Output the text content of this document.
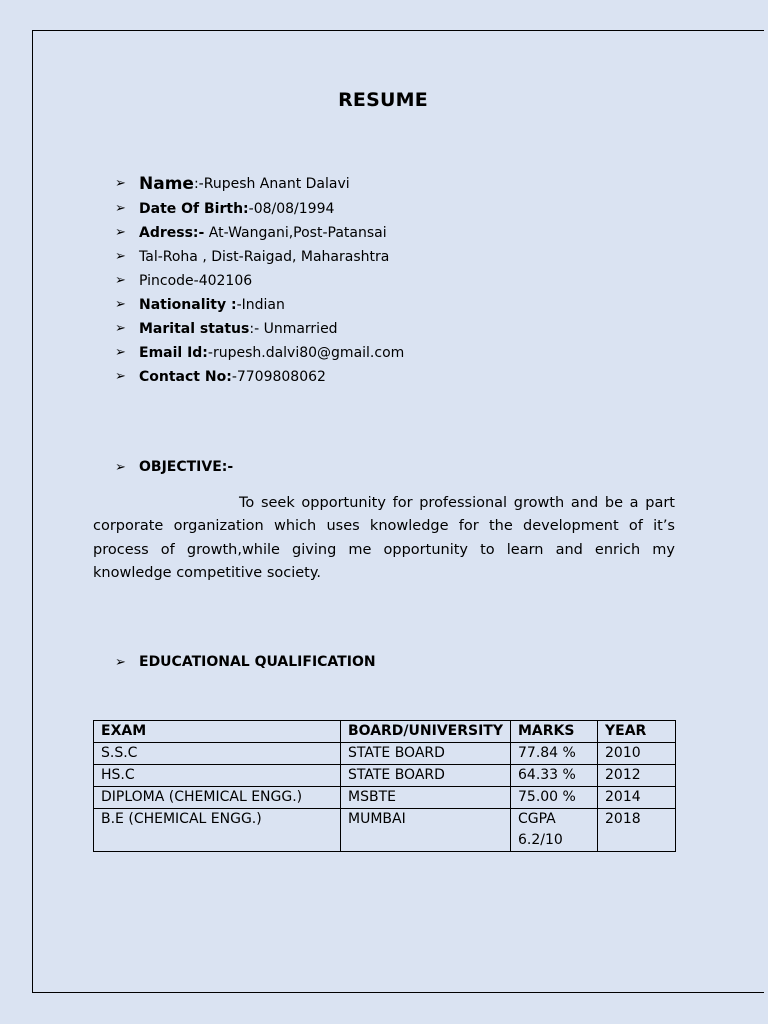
RESUME
➢ Name :-Rupesh Anant Dalavi
➢ Date Of Birth: -08/08/1994
➢ Adress:- At-Wangani,Post-Patansai
➢ Tal-Roha , Dist-Raigad, Maharashtra
➢ Pincode-402106
➢ Nationality : -Indian
➢ Marital status :- Unmarried
➢ Email Id: -rupesh.dalvi80@gmail.com
➢ Contact No: -7709808062
➢ OBJECTIVE:-

To seek opportunity for professional growth and be a part corporate organization which uses knowledge for the development of it’s process of growth,while giving me opportunity to learn and enrich my knowledge competitive society.

➢ EDUCATIONAL QUALIFICATION
EXAM	BOARD/UNIVERSITY	MARKS	YEAR
S.S.C	STATE BOARD	77.84 %	2010
HS.C	STATE BOARD	64.33 %	2012
DIPLOMA (CHEMICAL ENGG.)	MSBTE	75.00 %	2014
B.E (CHEMICAL ENGG.)	MUMBAI	CGPA 6.2/10	2018
